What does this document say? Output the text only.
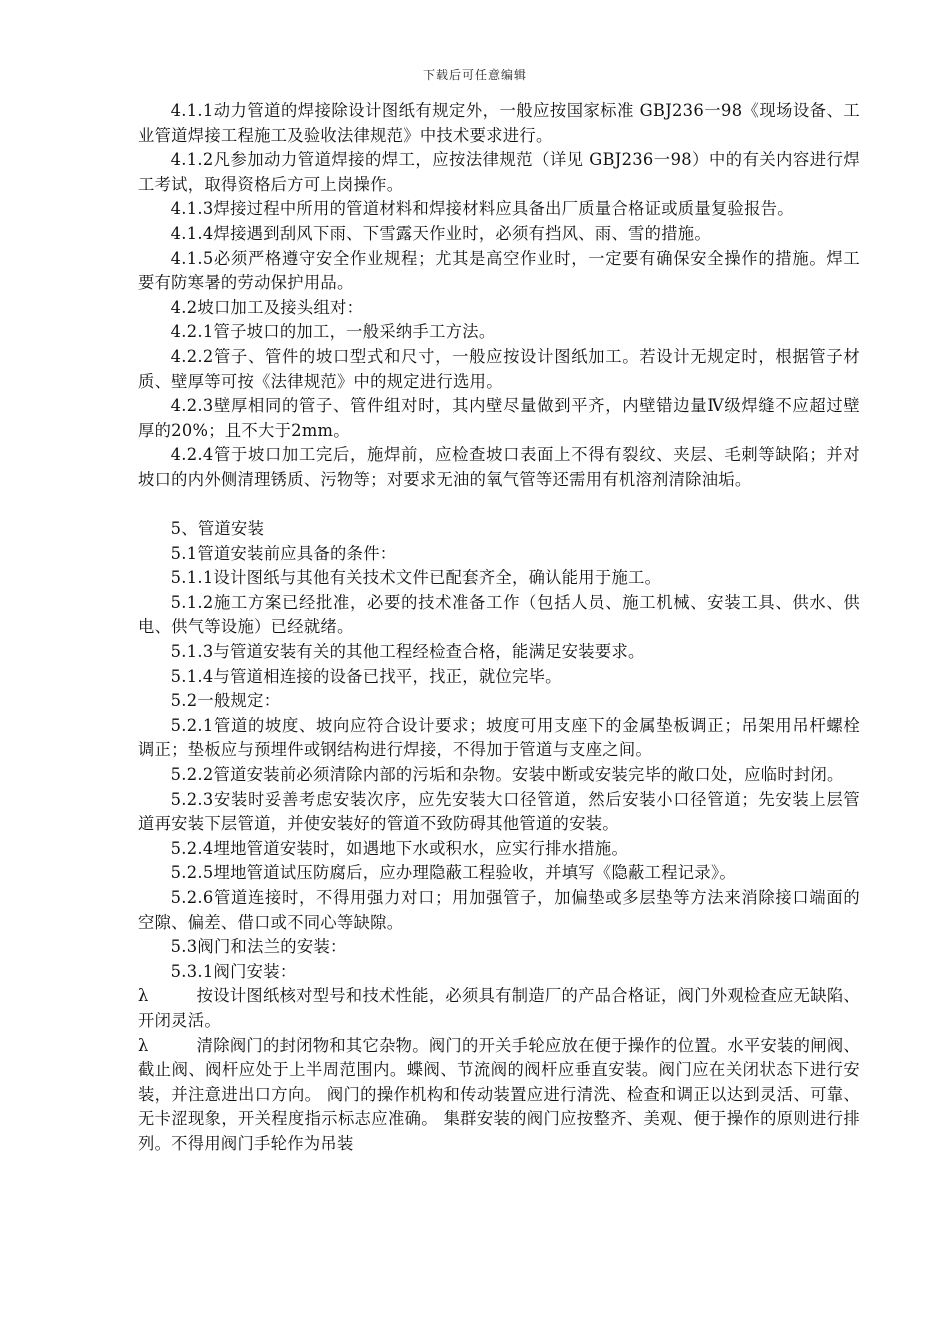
下载后可任意编辑

4.1.1动力管道的焊接除设计图纸有规定外，一般应按国家标准 GBJ236一98《现场设备、工业管道焊接工程施工及验收法律规范》中技术要求进行。

4.1.2凡参加动力管道焊接的焊工，应按法律规范（详见 GBJ236一98）中的有关内容进行焊工考试，取得资格后方可上岗操作。

4.1.3焊接过程中所用的管道材料和焊接材料应具备出厂质量合格证或质量复验报告。

4.1.4焊接遇到刮风下雨、下雪露天作业时，必须有挡风、雨、雪的措施。

4.1.5必须严格遵守安全作业规程；尤其是高空作业时，一定要有确保安全操作的措施。焊工要有防寒暑的劳动保护用品。

4.2坡口加工及接头组对：

4.2.1管子坡口的加工，一般采纳手工方法。

4.2.2管子、管件的坡口型式和尺寸，一般应按设计图纸加工。若设计无规定时，根据管子材质、壁厚等可按《法律规范》中的规定进行选用。

4.2.3壁厚相同的管子、管件组对时，其内壁尽量做到平齐，内壁错边量Ⅳ级焊缝不应超过壁厚的20%；且不大于2mm。

4.2.4管于坡口加工完后，施焊前，应检查坡口表面上不得有裂纹、夹层、毛刺等缺陷；并对坡口的内外侧清理锈质、污物等；对要求无油的氧气管等还需用有机溶剂清除油垢。

5、管道安装

5.1管道安装前应具备的条件：

5.1.1设计图纸与其他有关技术文件已配套齐全，确认能用于施工。

5.1.2施工方案已经批准，必要的技术准备工作（包括人员、施工机械、安装工具、供水、供电、供气等设施）已经就绪。

5.1.3与管道安装有关的其他工程经检查合格，能满足安装要求。

5.1.4与管道相连接的设备已找平，找正，就位完毕。

5.2一般规定：

5.2.1管道的坡度、坡向应符合设计要求；坡度可用支座下的金属垫板调正；吊架用吊杆螺栓调正；垫板应与预埋件或钢结构进行焊接，不得加于管道与支座之间。

5.2.2管道安装前必须清除内部的污垢和杂物。安装中断或安装完毕的敞口处，应临时封闭。

5.2.3安装时妥善考虑安装次序，应先安装大口径管道，然后安装小口径管道；先安装上层管道再安装下层管道，并使安装好的管道不致防碍其他管道的安装。

5.2.4埋地管道安装时，如遇地下水或积水，应实行排水措施。

5.2.5埋地管道试压防腐后，应办理隐蔽工程验收，并填写《隐蔽工程记录》。

5.2.6管道连接时，不得用强力对口；用加强管子，加偏垫或多层垫等方法来消除接口端面的空隙、偏差、借口或不同心等缺隙。

5.3阀门和法兰的安装：

5.3.1阀门安装：

λ	按设计图纸核对型号和技术性能，必须具有制造厂的产品合格证，阀门外观检查应无缺陷、开闭灵活。

λ	清除阀门的封闭物和其它杂物。阀门的开关手轮应放在便于操作的位置。水平安装的闸阀、截止阀、阀杆应处于上半周范围内。蝶阀、节流阀的阀杆应垂直安装。阀门应在关闭状态下进行安装，并注意进出口方向。 阀门的操作机构和传动装置应进行清洗、检查和调正以达到灵活、可靠、无卡涩现象，开关程度指示标志应准确。 集群安装的阀门应按整齐、美观、便于操作的原则进行排列。不得用阀门手轮作为吊装
